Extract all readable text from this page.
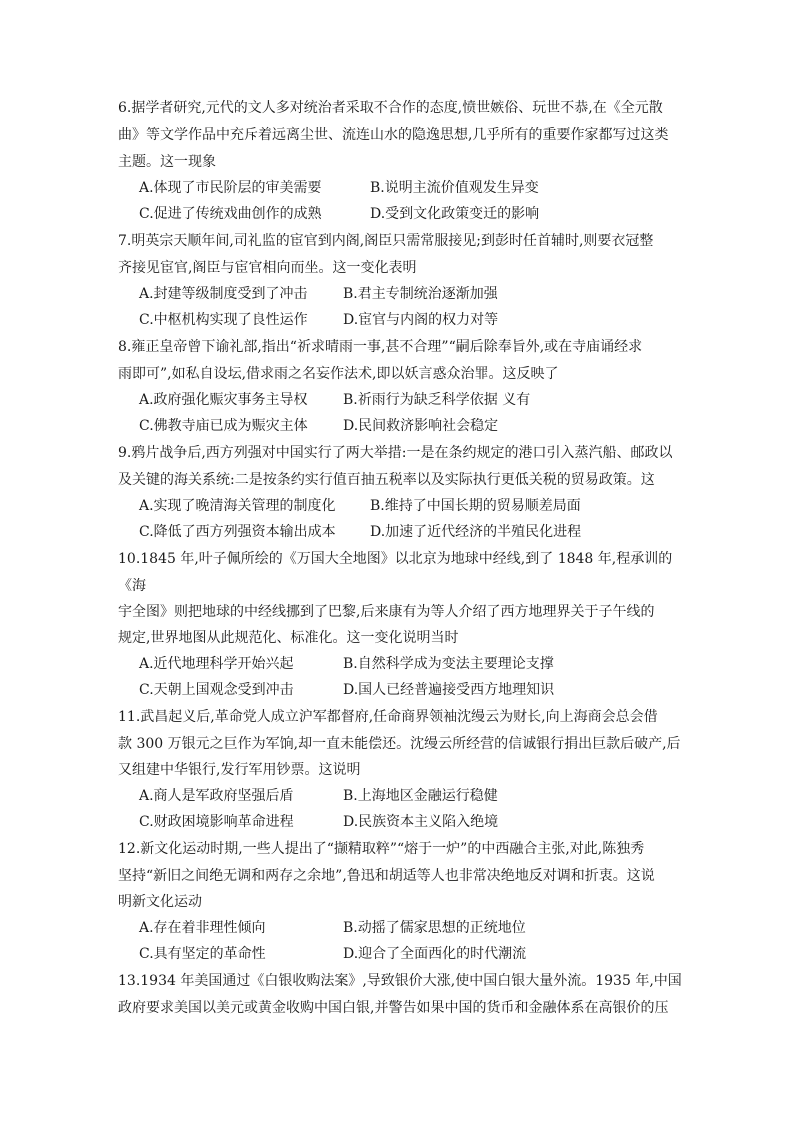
6.据学者研究,元代的文人多对统治者采取不合作的态度,愤世嫉俗、玩世不恭,在《全元散
曲》等文学作品中充斥着远离尘世、流连山水的隐逸思想,几乎所有的重要作家都写过这类
主题。这一现象
A.体现了市民阶层的审美需要	B.说明主流价值观发生异变
C.促进了传统戏曲创作的成熟	D.受到文化政策变迁的影响
7.明英宗天顺年间,司礼监的宦官到内阁,阁臣只需常服接见;到彭时任首辅时,则要衣冠整
齐接见宦官,阁臣与宦官相向而坐。这一变化表明
A.封建等级制度受到了冲击	B.君主专制统治逐渐加强
C.中枢机构实现了良性运作	D.宦官与内阁的权力对等
8.雍正皇帝曾下谕礼部,指出“祈求晴雨一事,甚不合理”“嗣后除奉旨外,或在寺庙诵经求
雨即可”,如私自设坛,借求雨之名妄作法术,即以妖言惑众治罪。这反映了
A.政府强化赈灾事务主导权	B.祈雨行为缺乏科学依据 义有
C.佛教寺庙已成为赈灾主体	D.民间救济影响社会稳定
9.鸦片战争后,西方列强对中国实行了两大举措:一是在条约规定的港口引入蒸汽船、邮政以
及关键的海关系统:二是按条约实行值百抽五税率以及实际执行更低关税的贸易政策。这
A.实现了晚清海关管理的制度化 B.维持了中国长期的贸易顺差局面
C.降低了西方列强资本输出成本 D.加速了近代经济的半殖民化进程
10.1845 年,叶子佩所绘的《万国大全地图》以北京为地球中经线,到了 1848 年,程承训的
《海
宇全图》则把地球的中经线挪到了巴黎,后来康有为等人介绍了西方地理界关于子午线的
规定,世界地图从此规范化、标准化。这一变化说明当时
A.近代地理科学开始兴起	B.自然科学成为变法主要理论支撑
C.天朝上国观念受到冲击	D.国人已经普遍接受西方地理知识
11.武昌起义后,革命党人成立沪军都督府,任命商界领袖沈缦云为财长,向上海商会总会借
款 300 万银元之巨作为军饷,却一直未能偿还。沈缦云所经营的信诚银行捐出巨款后破产,后
又组建中华银行,发行军用钞票。这说明
A.商人是军政府坚强后盾	B.上海地区金融运行稳健
C.财政困境影响革命进程	D.民族资本主义陷入绝境
12.新文化运动时期,一些人提出了“撷精取粹”“熔于一炉”的中西融合主张,对此,陈独秀
坚持“新旧之间绝无调和两存之余地”,鲁迅和胡适等人也非常决绝地反对调和折衷。这说
明新文化运动
A.存在着非理性倾向	B.动摇了儒家思想的正统地位
C.具有坚定的革命性	D.迎合了全面西化的时代潮流
13.1934 年美国通过《白银收购法案》,导致银价大涨,使中国白银大量外流。1935 年,中国
政府要求美国以美元或黄金收购中国白银,并警告如果中国的货币和金融体系在高银价的压
